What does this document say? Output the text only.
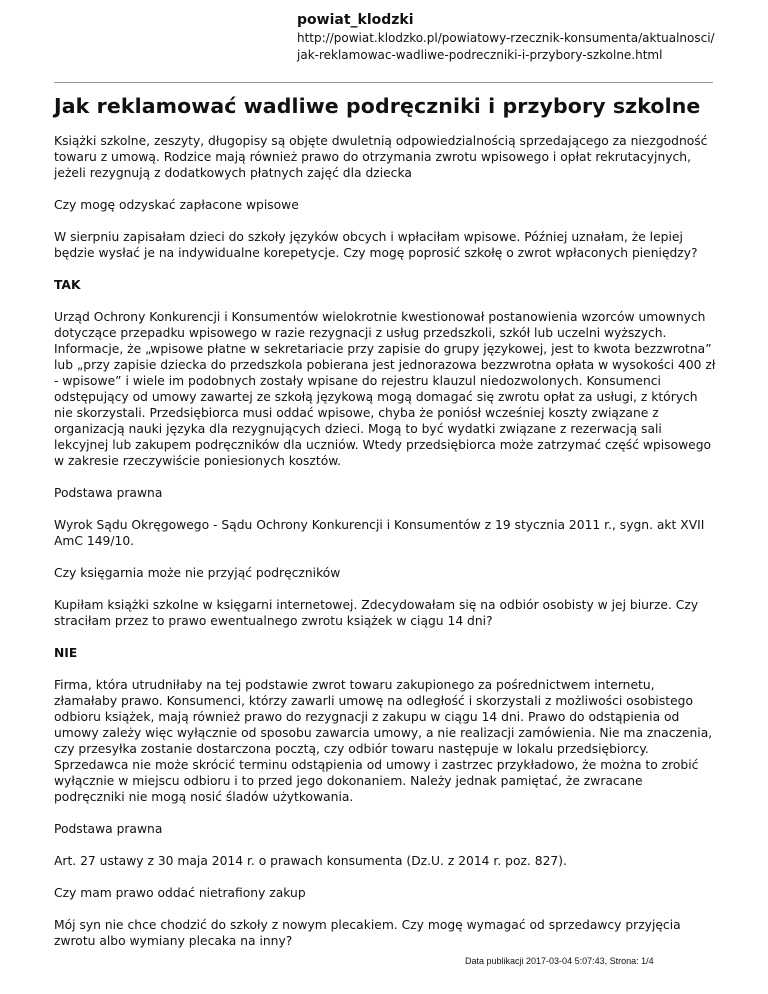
powiat_klodzki
http://powiat.klodzko.pl/powiatowy-rzecznik-konsumenta/aktualnosci/jak-reklamowac-wadliwe-podreczniki-i-przybory-szkolne.html
Jak reklamować wadliwe podręczniki i przybory szkolne

Książki szkolne, zeszyty, długopisy są objęte dwuletnią odpowiedzialnością sprzedającego za niezgodność towaru z umową. Rodzice mają również prawo do otrzymania zwrotu wpisowego i opłat rekrutacyjnych, jeżeli rezygnują z dodatkowych płatnych zajęć dla dziecka

Czy mogę odzyskać zapłacone wpisowe

W sierpniu zapisałam dzieci do szkoły języków obcych i wpłaciłam wpisowe. Później uznałam, że lepiej będzie wysłać je na indywidualne korepetycje. Czy mogę poprosić szkołę o zwrot wpłaconych pieniędzy?

TAK

Urząd Ochrony Konkurencji i Konsumentów wielokrotnie kwestionował postanowienia wzorców umownych dotyczące przepadku wpisowego w razie rezygnacji z usług przedszkoli, szkół lub uczelni wyższych. Informacje, że „wpisowe płatne w sekretariacie przy zapisie do grupy językowej, jest to kwota bezzwrotna” lub „przy zapisie dziecka do przedszkola pobierana jest jednorazowa bezzwrotna opłata w wysokości 400 zł - wpisowe” i wiele im podobnych zostały wpisane do rejestru klauzul niedozwolonych. Konsumenci odstępujący od umowy zawartej ze szkołą językową mogą domagać się zwrotu opłat za usługi, z których nie skorzystali. Przedsiębiorca musi oddać wpisowe, chyba że poniósł wcześniej koszty związane z organizacją nauki języka dla rezygnujących dzieci. Mogą to być wydatki związane z rezerwacją sali lekcyjnej lub zakupem podręczników dla uczniów. Wtedy przedsiębiorca może zatrzymać część wpisowego w zakresie rzeczywiście poniesionych kosztów.

Podstawa prawna

Wyrok Sądu Okręgowego - Sądu Ochrony Konkurencji i Konsumentów z 19 stycznia 2011 r., sygn. akt XVII AmC 149/10.

Czy księgarnia może nie przyjąć podręczników

Kupiłam książki szkolne w księgarni internetowej. Zdecydowałam się na odbiór osobisty w jej biurze. Czy straciłam przez to prawo ewentualnego zwrotu książek w ciągu 14 dni?

NIE

Firma, która utrudniłaby na tej podstawie zwrot towaru zakupionego za pośrednictwem internetu, złamałaby prawo. Konsumenci, którzy zawarli umowę na odległość i skorzystali z możliwości osobistego odbioru książek, mają również prawo do rezygnacji z zakupu w ciągu 14 dni. Prawo do odstąpienia od umowy zależy więc wyłącznie od sposobu zawarcia umowy, a nie realizacji zamówienia. Nie ma znaczenia, czy przesyłka zostanie dostarczona pocztą, czy odbiór towaru następuje w lokalu przedsiębiorcy. Sprzedawca nie może skrócić terminu odstąpienia od umowy i zastrzec przykładowo, że można to zrobić wyłącznie w miejscu odbioru i to przed jego dokonaniem. Należy jednak pamiętać, że zwracane podręczniki nie mogą nosić śladów użytkowania.

Podstawa prawna

Art. 27 ustawy z 30 maja 2014 r. o prawach konsumenta (Dz.U. z 2014 r. poz. 827).

Czy mam prawo oddać nietrafiony zakup

Mój syn nie chce chodzić do szkoły z nowym plecakiem. Czy mogę wymagać od sprzedawcy przyjęcia zwrotu albo wymiany plecaka na inny?

Data publikacji 2017-03-04 5:07:43, Strona: 1/4
